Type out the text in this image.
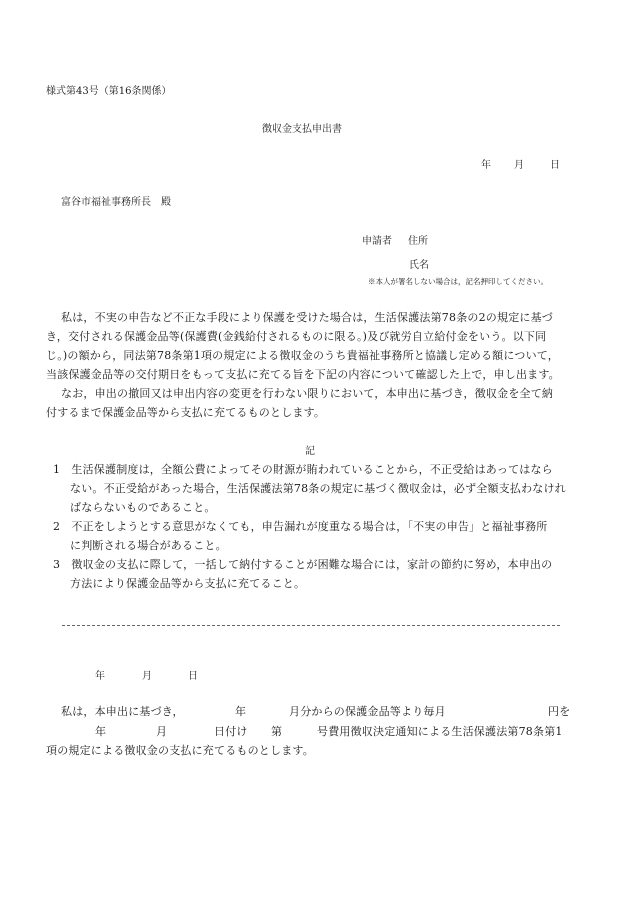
様式第43号（第16条関係）
徴収金支払申出書
年 月	日
富谷市福祉事務所長　殿
申請者 住所
氏名
※本人が署名しない場合は，記名押印してください。
私は，不実の申告など不正な手段により保護を受けた場合は，生活保護法第78条の2の規定に基づ
き，交付される保護金品等(保護費(金銭給付されるものに限る。)及び就労自立給付金をいう。以下同
じ。)の額から，同法第78条第1項の規定による徴収金のうち貴福祉事務所と協議し定める額について，
当該保護金品等の交付期日をもって支払に充てる旨を下記の内容について確認した上で，申し出ます。
なお，申出の撤回又は申出内容の変更を行わない限りにおいて，本申出に基づき，徴収金を全て納
付するまで保護金品等から支払に充てるものとします。
記
1　生活保護制度は，全額公費によってその財源が賄われていることから，不正受給はあってはなら
ない。不正受給があった場合，生活保護法第78条の規定に基づく徴収金は，必ず全額支払わなけれ
ばならないものであること。
2　不正をしようとする意思がなくても，申告漏れが度重なる場合は，「不実の申告」と福祉事務所
に判断される場合があること。
3　徴収金の支払に際して，一括して納付することが困難な場合には，家計の節約に努め，本申出の
方法により保護金品等から支払に充てること。
年	月	日
私は，本申出に基づき，	年	月分からの保護金品等より毎月	円を
年	月	日付け 第	号費用徴収決定通知による生活保護法第78条第1
項の規定による徴収金の支払に充てるものとします。
